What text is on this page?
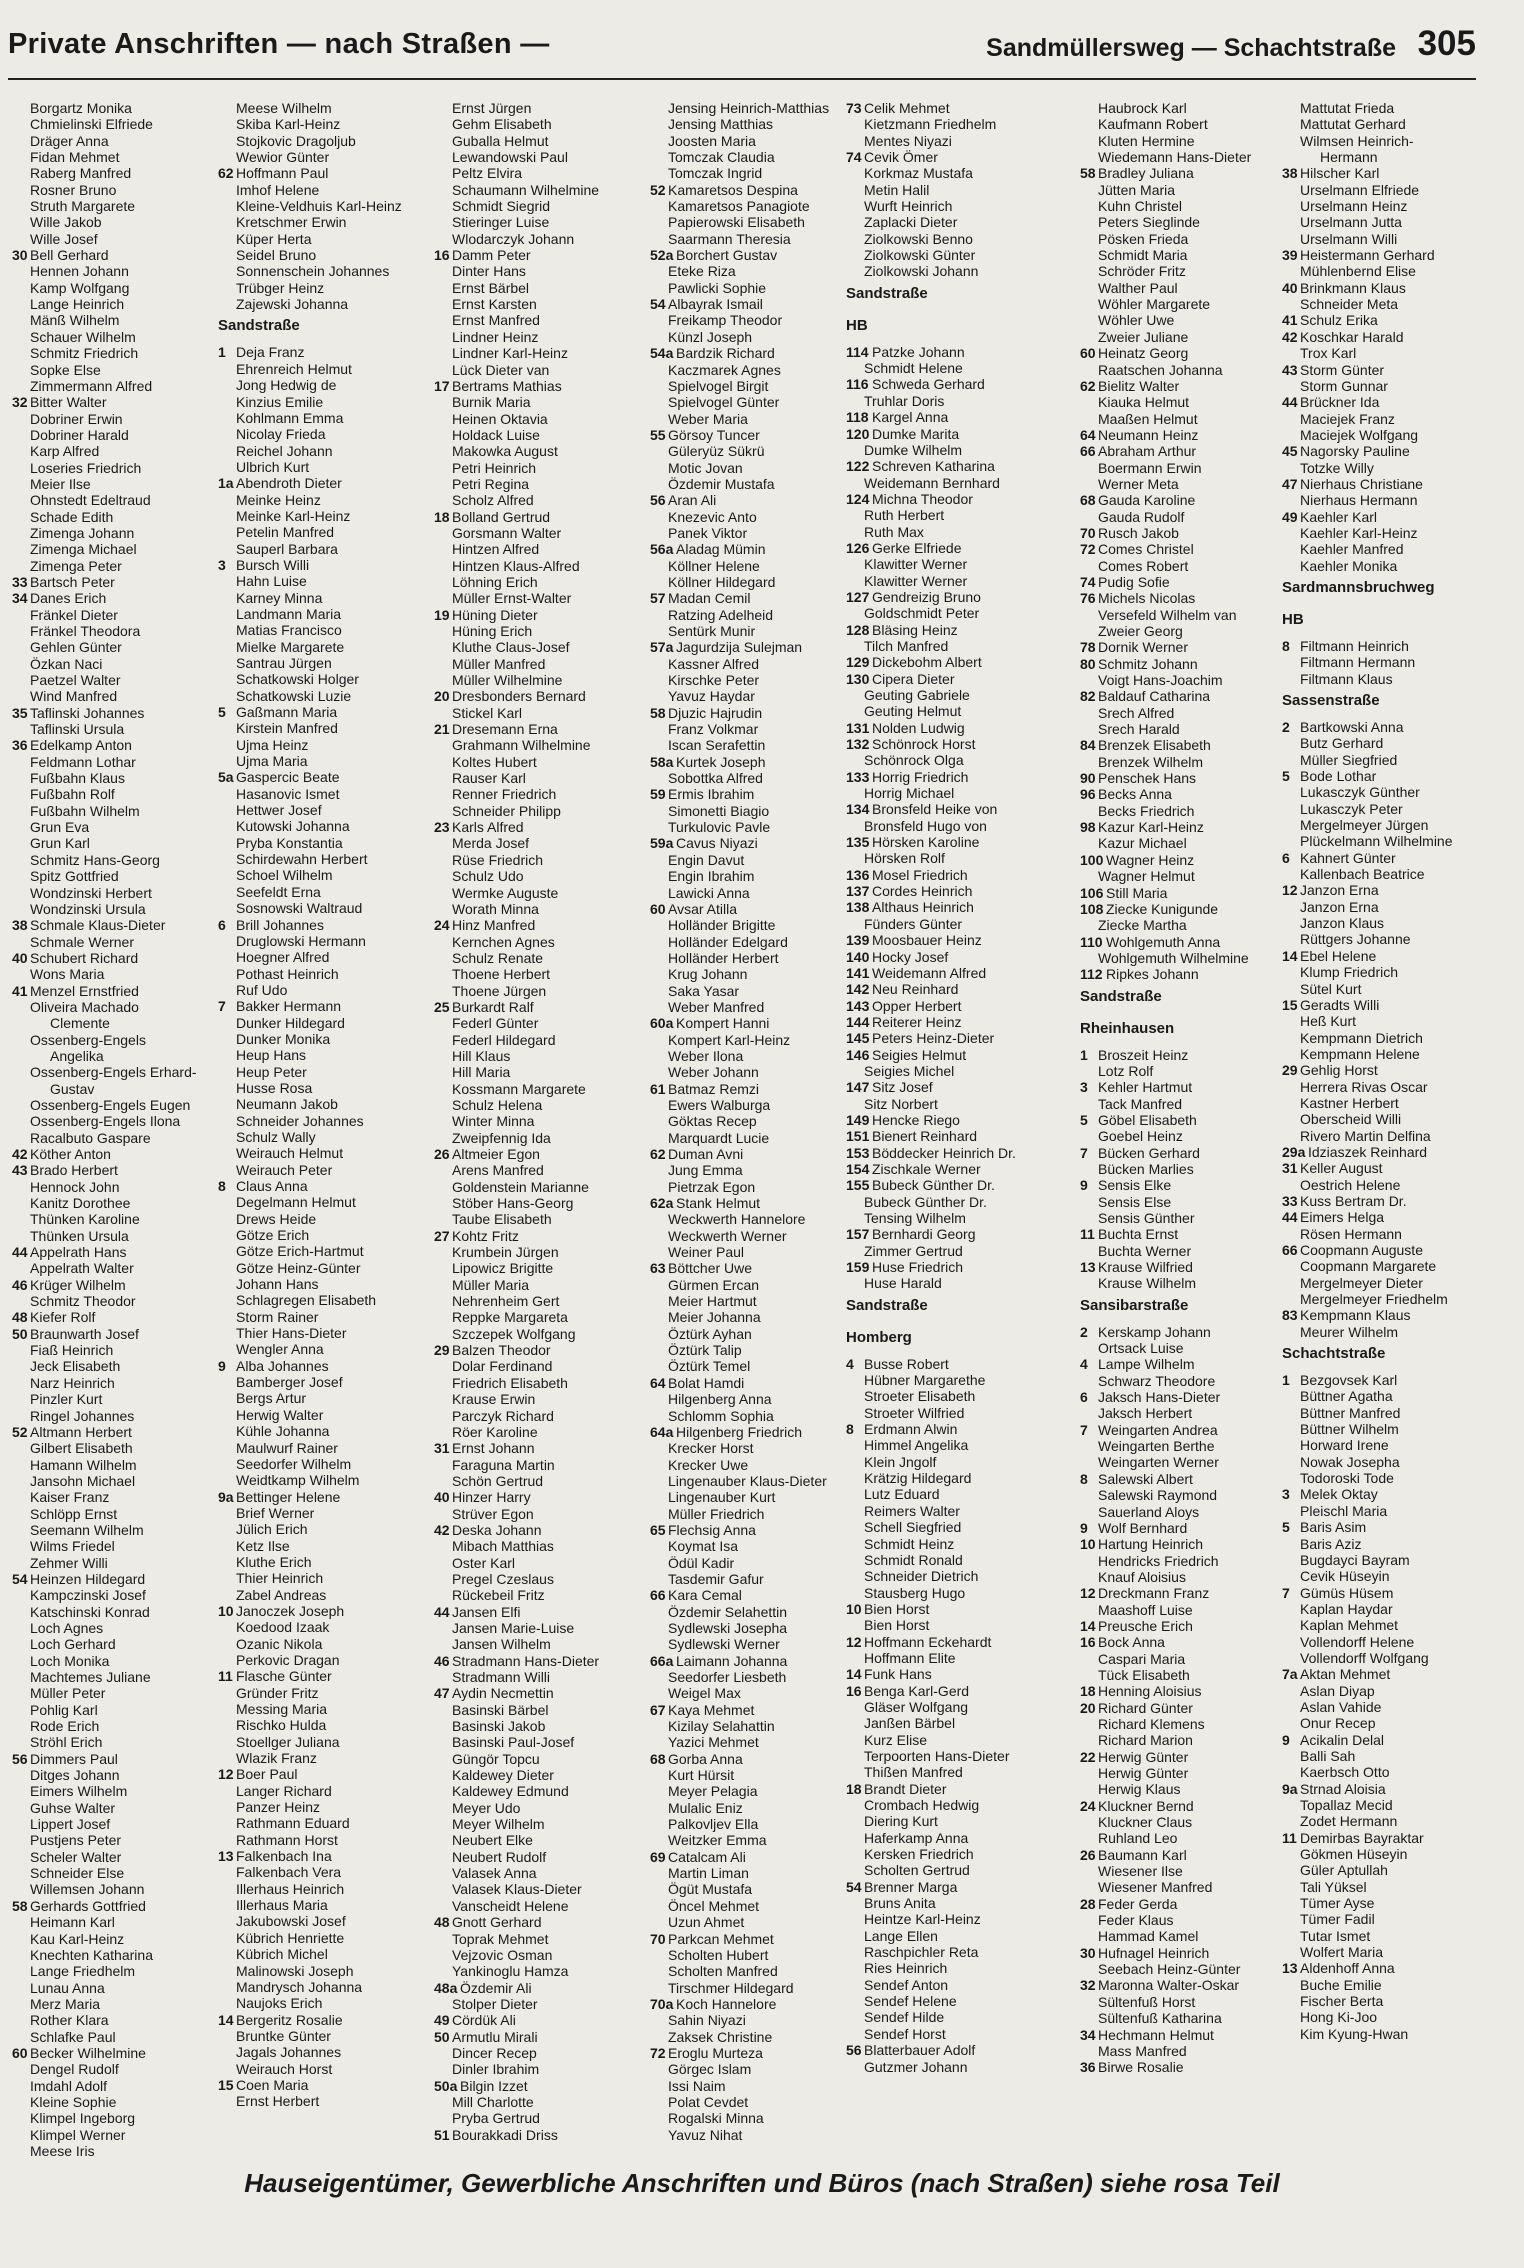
Private Anschriften — nach Straßen —	Sandmüllersweg — Schachtstraße 305
Borgartz Monika
Chmielinski Elfriede
Dräger Anna
Fidan Mehmet
Raberg Manfred
Rosner Bruno
Struth Margarete
Wille Jakob
Wille Josef
30 Bell Gerhard
Hennen Johann
Kamp Wolfgang
Lange Heinrich
Mänß Wilhelm
Schauer Wilhelm
Schmitz Friedrich
Sopke Else
Zimmermann Alfred
32 Bitter Walter
Dobriner Erwin
Dobriner Harald
Karp Alfred
Loseries Friedrich
Meier Ilse
Ohnstedt Edeltraud
Schade Edith
Zimenga Johann
Zimenga Michael
Zimenga Peter
33 Bartsch Peter
34 Danes Erich
Fränkel Dieter
Fränkel Theodora
Gehlen Günter
Özkan Naci
Paetzel Walter
Wind Manfred
35 Taflinski Johannes
Taflinski Ursula
36 Edelkamp Anton
Feldmann Lothar
Fußbahn Klaus
Fußbahn Rolf
Fußbahn Wilhelm
Grun Eva
Grun Karl
Schmitz Hans-Georg
Spitz Gottfried
Wondzinski Herbert
Wondzinski Ursula
38 Schmale Klaus-Dieter
Schmale Werner
40 Schubert Richard
Wons Maria
41 Menzel Ernstfried
Oliveira Machado
Clemente
Ossenberg-Engels
Angelika
Ossenberg-Engels Erhard-
Gustav
Ossenberg-Engels Eugen
Ossenberg-Engels Ilona
Racalbuto Gaspare
42 Köther Anton
43 Brado Herbert
Hennock John
Kanitz Dorothee
Thünken Karoline
Thünken Ursula
44 Appelrath Hans
Appelrath Walter
46 Krüger Wilhelm
Schmitz Theodor
48 Kiefer Rolf
50 Braunwarth Josef
Fiaß Heinrich
Jeck Elisabeth
Narz Heinrich
Pinzler Kurt
Ringel Johannes
52 Altmann Herbert
Gilbert Elisabeth
Hamann Wilhelm
Jansohn Michael
Kaiser Franz
Schlöpp Ernst
Seemann Wilhelm
Wilms Friedel
Zehmer Willi
54 Heinzen Hildegard
Kampczinski Josef
Katschinski Konrad
Loch Agnes
Loch Gerhard
Loch Monika
Machtemes Juliane
Müller Peter
Pohlig Karl
Rode Erich
Ströhl Erich
56 Dimmers Paul
Ditges Johann
Eimers Wilhelm
Guhse Walter
Lippert Josef
Pustjens Peter
Scheler Walter
Schneider Else
Willemsen Johann
58 Gerhards Gottfried
Heimann Karl
Kau Karl-Heinz
Knechten Katharina
Lange Friedhelm
Lunau Anna
Merz Maria
Rother Klara
Schlafke Paul
60 Becker Wilhelmine
Dengel Rudolf
Imdahl Adolf
Kleine Sophie
Klimpel Ingeborg
Klimpel Werner
Meese Iris
Meese Wilhelm
Skiba Karl-Heinz
Stojkovic Dragoljub
Wewior Günter
62 Hoffmann Paul
Imhof Helene
Kleine-Veldhuis Karl-Heinz
Kretschmer Erwin
Küper Herta
Seidel Bruno
Sonnenschein Johannes
Trübger Heinz
Zajewski Johanna
Sandstraße
1 Deja Franz
Ehrenreich Helmut
Jong Hedwig de
Kinzius Emilie
Kohlmann Emma
Nicolay Frieda
Reichel Johann
Ulbrich Kurt
1a Abendroth Dieter
Meinke Heinz
Meinke Karl-Heinz
Petelin Manfred
Sauperl Barbara
3 Bursch Willi
Hahn Luise
Karney Minna
Landmann Maria
Matias Francisco
Mielke Margarete
Santrau Jürgen
Schatkowski Holger
Schatkowski Luzie
5 Gaßmann Maria
Kirstein Manfred
Ujma Heinz
Ujma Maria
5a Gaspercic Beate
Hasanovic Ismet
Hettwer Josef
Kutowski Johanna
Pryba Konstantia
Schirdewahn Herbert
Schoel Wilhelm
Seefeldt Erna
Sosnowski Waltraud
6 Brill Johannes
Druglowski Hermann
Hoegner Alfred
Pothast Heinrich
Ruf Udo
7 Bakker Hermann
Dunker Hildegard
Dunker Monika
Heup Hans
Heup Peter
Husse Rosa
Neumann Jakob
Schneider Johannes
Schulz Wally
Weirauch Helmut
Weirauch Peter
8 Claus Anna
Degelmann Helmut
Drews Heide
Götze Erich
Götze Erich-Hartmut
Götze Heinz-Günter
Johann Hans
Schlagregen Elisabeth
Storm Rainer
Thier Hans-Dieter
Wengler Anna
9 Alba Johannes
Bamberger Josef
Bergs Artur
Herwig Walter
Kühle Johanna
Maulwurf Rainer
Seedorfer Wilhelm
Weidtkamp Wilhelm
9a Bettinger Helene
Brief Werner
Jülich Erich
Ketz Ilse
Kluthe Erich
Thier Heinrich
Zabel Andreas
10 Janoczek Joseph
Koedood Izaak
Ozanic Nikola
Perkovic Dragan
11 Flasche Günter
Gründer Fritz
Messing Maria
Rischko Hulda
Stoellger Juliana
Wlazik Franz
12 Boer Paul
Langer Richard
Panzer Heinz
Rathmann Eduard
Rathmann Horst
13 Falkenbach Ina
Falkenbach Vera
Illerhaus Heinrich
Illerhaus Maria
Jakubowski Josef
Kübrich Henriette
Kübrich Michel
Malinowski Joseph
Mandrysch Johanna
Naujoks Erich
14 Bergeritz Rosalie
Bruntke Günter
Jagals Johannes
Weirauch Horst
15 Coen Maria
Ernst Herbert
Ernst Jürgen
Gehm Elisabeth
Guballa Helmut
Lewandowski Paul
Peltz Elvira
Schaumann Wilhelmine
Schmidt Siegrid
Stieringer Luise
Wlodarczyk Johann
16 Damm Peter
Dinter Hans
Ernst Bärbel
Ernst Karsten
Ernst Manfred
Lindner Heinz
Lindner Karl-Heinz
Lück Dieter van
17 Bertrams Mathias
Burnik Maria
Heinen Oktavia
Holdack Luise
Makowka August
Petri Heinrich
Petri Regina
Scholz Alfred
18 Bolland Gertrud
Gorsmann Walter
Hintzen Alfred
Hintzen Klaus-Alfred
Löhning Erich
Müller Ernst-Walter
19 Hüning Dieter
Hüning Erich
Kluthe Claus-Josef
Müller Manfred
Müller Wilhelmine
20 Dresbonders Bernard
Stickel Karl
21 Dresemann Erna
Grahmann Wilhelmine
Koltes Hubert
Rauser Karl
Renner Friedrich
Schneider Philipp
23 Karls Alfred
Merda Josef
Rüse Friedrich
Schulz Udo
Wermke Auguste
Worath Minna
24 Hinz Manfred
Kernchen Agnes
Schulz Renate
Thoene Herbert
Thoene Jürgen
25 Burkardt Ralf
Federl Günter
Federl Hildegard
Hill Klaus
Hill Maria
Kossmann Margarete
Schulz Helena
Winter Minna
Zweipfennig Ida
26 Altmeier Egon
Arens Manfred
Goldenstein Marianne
Stöber Hans-Georg
Taube Elisabeth
27 Kohtz Fritz
Krumbein Jürgen
Lipowicz Brigitte
Müller Maria
Nehrenheim Gert
Reppke Margareta
Szczepek Wolfgang
29 Balzen Theodor
Dolar Ferdinand
Friedrich Elisabeth
Krause Erwin
Parczyk Richard
Röer Karoline
31 Ernst Johann
Faraguna Martin
Schön Gertrud
40 Hinzer Harry
Strüver Egon
42 Deska Johann
Mibach Matthias
Oster Karl
Pregel Czeslaus
Rückebeil Fritz
44 Jansen Elfi
Jansen Marie-Luise
Jansen Wilhelm
46 Stradmann Hans-Dieter
Stradmann Willi
47 Aydin Necmettin
Basinski Bärbel
Basinski Jakob
Basinski Paul-Josef
Güngör Topcu
Kaldewey Dieter
Kaldewey Edmund
Meyer Udo
Meyer Wilhelm
Neubert Elke
Neubert Rudolf
Valasek Anna
Valasek Klaus-Dieter
Vanscheidt Helene
48 Gnott Gerhard
Toprak Mehmet
Vejzovic Osman
Yankinoglu Hamza
48a Özdemir Ali
Stolper Dieter
49 Cördük Ali
50 Armutlu Mirali
Dincer Recep
Dinler Ibrahim
50a Bilgin Izzet
Mill Charlotte
Pryba Gertrud
51 Bourakkadi Driss
Jensing Heinrich-Matthias
Jensing Matthias
Joosten Maria
Tomczak Claudia
Tomczak Ingrid
52 Kamaretsos Despina
Kamaretsos Panagiote
Papierowski Elisabeth
Saarmann Theresia
52a Borchert Gustav
Eteke Riza
Pawlicki Sophie
54 Albayrak Ismail
Freikamp Theodor
Künzl Joseph
54a Bardzik Richard
Kaczmarek Agnes
Spielvogel Birgit
Spielvogel Günter
Weber Maria
55 Görsoy Tuncer
Güleryüz Sükrü
Motic Jovan
Özdemir Mustafa
56 Aran Ali
Knezevic Anto
Panek Viktor
56a Aladag Mümin
Köllner Helene
Köllner Hildegard
57 Madan Cemil
Ratzing Adelheid
Sentürk Munir
57a Jagurdzija Sulejman
Kassner Alfred
Kirschke Peter
Yavuz Haydar
58 Djuzic Hajrudin
Franz Volkmar
Iscan Serafettin
58a Kurtek Joseph
Sobottka Alfred
59 Ermis Ibrahim
Simonetti Biagio
Turkulovic Pavle
59a Cavus Niyazi
Engin Davut
Engin Ibrahim
Lawicki Anna
60 Avsar Atilla
Holländer Brigitte
Holländer Edelgard
Holländer Herbert
Krug Johann
Saka Yasar
Weber Manfred
60a Kompert Hanni
Kompert Karl-Heinz
Weber Ilona
Weber Johann
61 Batmaz Remzi
Ewers Walburga
Göktas Recep
Marquardt Lucie
62 Duman Avni
Jung Emma
Pietrzak Egon
62a Stank Helmut
Weckwerth Hannelore
Weckwerth Werner
Weiner Paul
63 Böttcher Uwe
Gürmen Ercan
Meier Hartmut
Meier Johanna
Öztürk Ayhan
Öztürk Talip
Öztürk Temel
64 Bolat Hamdi
Hilgenberg Anna
Schlomm Sophia
64a Hilgenberg Friedrich
Krecker Horst
Krecker Uwe
Lingenauber Klaus-Dieter
Lingenauber Kurt
Müller Friedrich
65 Flechsig Anna
Koymat Isa
Ödül Kadir
Tasdemir Gafur
66 Kara Cemal
Özdemir Selahettin
Sydlewski Josepha
Sydlewski Werner
66a Laimann Johanna
Seedorfer Liesbeth
Weigel Max
67 Kaya Mehmet
Kizilay Selahattin
Yazici Mehmet
68 Gorba Anna
Kurt Hürsit
Meyer Pelagia
Mulalic Eniz
Palkovljev Ella
Weitzker Emma
69 Catalcam Ali
Martin Liman
Ögüt Mustafa
Öncel Mehmet
Uzun Ahmet
70 Parkcan Mehmet
Scholten Hubert
Scholten Manfred
Tirschmer Hildegard
70a Koch Hannelore
Sahin Niyazi
Zaksek Christine
72 Eroglu Murteza
Görgec Islam
Issi Naim
Polat Cevdet
Rogalski Minna
Yavuz Nihat
73 Celik Mehmet
Kietzmann Friedhelm
Mentes Niyazi
74 Cevik Ömer
Korkmaz Mustafa
Metin Halil
Wurft Heinrich
Zaplacki Dieter
Ziolkowski Benno
Ziolkowski Günter
Ziolkowski Johann
Sandstraße
HB
114 Patzke Johann
Schmidt Helene
116 Schweda Gerhard
Truhlar Doris
118 Kargel Anna
120 Dumke Marita
Dumke Wilhelm
122 Schreven Katharina
Weidemann Bernhard
124 Michna Theodor
Ruth Herbert
Ruth Max
126 Gerke Elfriede
Klawitter Werner
Klawitter Werner
127 Gendreizig Bruno
Goldschmidt Peter
128 Bläsing Heinz
Tilch Manfred
129 Dickebohm Albert
130 Cipera Dieter
Geuting Gabriele
Geuting Helmut
131 Nolden Ludwig
132 Schönrock Horst
Schönrock Olga
133 Horrig Friedrich
Horrig Michael
134 Bronsfeld Heike von
Bronsfeld Hugo von
135 Hörsken Karoline
Hörsken Rolf
136 Mosel Friedrich
137 Cordes Heinrich
138 Althaus Heinrich
Fünders Günter
139 Moosbauer Heinz
140 Hocky Josef
141 Weidemann Alfred
142 Neu Reinhard
143 Opper Herbert
144 Reiterer Heinz
145 Peters Heinz-Dieter
146 Seigies Helmut
Seigies Michel
147 Sitz Josef
Sitz Norbert
149 Hencke Riego
151 Bienert Reinhard
153 Böddecker Heinrich Dr.
154 Zischkale Werner
155 Bubeck Günther Dr.
Bubeck Günther Dr.
Tensing Wilhelm
157 Bernhardi Georg
Zimmer Gertrud
159 Huse Friedrich
Huse Harald
Sandstraße
Homberg
4 Busse Robert
Hübner Margarethe
Stroeter Elisabeth
Stroeter Wilfried
8 Erdmann Alwin
Himmel Angelika
Klein Jngolf
Krätzig Hildegard
Lutz Eduard
Reimers Walter
Schell Siegfried
Schmidt Heinz
Schmidt Ronald
Schneider Dietrich
Stausberg Hugo
10 Bien Horst
Bien Horst
12 Hoffmann Eckehardt
Hoffmann Elite
14 Funk Hans
16 Benga Karl-Gerd
Gläser Wolfgang
Janßen Bärbel
Kurz Elise
Terpoorten Hans-Dieter
Thißen Manfred
18 Brandt Dieter
Crombach Hedwig
Diering Kurt
Haferkamp Anna
Kersken Friedrich
Scholten Gertrud
54 Brenner Marga
Bruns Anita
Heintze Karl-Heinz
Lange Ellen
Raschpichler Reta
Ries Heinrich
Sendef Anton
Sendef Helene
Sendef Hilde
Sendef Horst
56 Blatterbauer Adolf
Gutzmer Johann
Haubrock Karl
Kaufmann Robert
Kluten Hermine
Wiedemann Hans-Dieter
58 Bradley Juliana
Jütten Maria
Kuhn Christel
Peters Sieglinde
Pösken Frieda
Schmidt Maria
Schröder Fritz
Walther Paul
Wöhler Margarete
Wöhler Uwe
Zweier Juliane
60 Heinatz Georg
Raatschen Johanna
62 Bielitz Walter
Kiauka Helmut
Maaßen Helmut
64 Neumann Heinz
66 Abraham Arthur
Boermann Erwin
Werner Meta
68 Gauda Karoline
Gauda Rudolf
70 Rusch Jakob
72 Comes Christel
Comes Robert
74 Pudig Sofie
76 Michels Nicolas
Versefeld Wilhelm van
Zweier Georg
78 Dornik Werner
80 Schmitz Johann
Voigt Hans-Joachim
82 Baldauf Catharina
Srech Alfred
Srech Harald
84 Brenzek Elisabeth
Brenzek Wilhelm
90 Penschek Hans
96 Becks Anna
Becks Friedrich
98 Kazur Karl-Heinz
Kazur Michael
100 Wagner Heinz
Wagner Helmut
106 Still Maria
108 Ziecke Kunigunde
Ziecke Martha
110 Wohlgemuth Anna
Wohlgemuth Wilhelmine
112 Ripkes Johann
Sandstraße
Rheinhausen
1 Broszeit Heinz
Lotz Rolf
3 Kehler Hartmut
Tack Manfred
5 Göbel Elisabeth
Goebel Heinz
7 Bücken Gerhard
Bücken Marlies
9 Sensis Elke
Sensis Else
Sensis Günther
11 Buchta Ernst
Buchta Werner
13 Krause Wilfried
Krause Wilhelm
Sansibarstraße
2 Kerskamp Johann
Ortsack Luise
4 Lampe Wilhelm
Schwarz Theodore
6 Jaksch Hans-Dieter
Jaksch Herbert
7 Weingarten Andrea
Weingarten Berthe
Weingarten Werner
8 Salewski Albert
Salewski Raymond
Sauerland Aloys
9 Wolf Bernhard
10 Hartung Heinrich
Hendricks Friedrich
Knauf Aloisius
12 Dreckmann Franz
Maashoff Luise
14 Preusche Erich
16 Bock Anna
Caspari Maria
Tück Elisabeth
18 Henning Aloisius
20 Richard Günter
Richard Klemens
Richard Marion
22 Herwig Günter
Herwig Günter
Herwig Klaus
24 Kluckner Bernd
Kluckner Claus
Ruhland Leo
26 Baumann Karl
Wiesener Ilse
Wiesener Manfred
28 Feder Gerda
Feder Klaus
Hammad Kamel
30 Hufnagel Heinrich
Seebach Heinz-Günter
32 Maronna Walter-Oskar
Sültenfuß Horst
Sültenfuß Katharina
34 Hechmann Helmut
Mass Manfred
36 Birwe Rosalie
Mattutat Frieda
Mattutat Gerhard
Wilmsen Heinrich-
Hermann
38 Hilscher Karl
Urselmann Elfriede
Urselmann Heinz
Urselmann Jutta
Urselmann Willi
39 Heistermann Gerhard
Mühlenbernd Elise
40 Brinkmann Klaus
Schneider Meta
41 Schulz Erika
42 Koschkar Harald
Trox Karl
43 Storm Günter
Storm Gunnar
44 Brückner Ida
Maciejek Franz
Maciejek Wolfgang
45 Nagorsky Pauline
Totzke Willy
47 Nierhaus Christiane
Nierhaus Hermann
49 Kaehler Karl
Kaehler Karl-Heinz
Kaehler Manfred
Kaehler Monika
Sardmannsbruchweg
HB
8 Filtmann Heinrich
Filtmann Hermann
Filtmann Klaus
Sassenstraße
2 Bartkowski Anna
Butz Gerhard
Müller Siegfried
5 Bode Lothar
Lukasczyk Günther
Lukasczyk Peter
Mergelmeyer Jürgen
Plückelmann Wilhelmine
6 Kahnert Günter
Kallenbach Beatrice
12 Janzon Erna
Janzon Erna
Janzon Klaus
Rüttgers Johanne
14 Ebel Helene
Klump Friedrich
Sütel Kurt
15 Geradts Willi
Heß Kurt
Kempmann Dietrich
Kempmann Helene
29 Gehlig Horst
Herrera Rivas Oscar
Kastner Herbert
Oberscheid Willi
Rivero Martin Delfina
29a Idziaszek Reinhard
31 Keller August
Oestrich Helene
33 Kuss Bertram Dr.
44 Eimers Helga
Rösen Hermann
66 Coopmann Auguste
Coopmann Margarete
Mergelmeyer Dieter
Mergelmeyer Friedhelm
83 Kempmann Klaus
Meurer Wilhelm
Schachtstraße
1 Bezgovsek Karl
Büttner Agatha
Büttner Manfred
Büttner Wilhelm
Horward Irene
Nowak Josepha
Todoroski Tode
3 Melek Oktay
Pleischl Maria
5 Baris Asim
Baris Aziz
Bugdayci Bayram
Cevik Hüseyin
7 Gümüs Hüsem
Kaplan Haydar
Kaplan Mehmet
Vollendorff Helene
Vollendorff Wolfgang
7a Aktan Mehmet
Aslan Diyap
Aslan Vahide
Onur Recep
9 Acikalin Delal
Balli Sah
Kaerbsch Otto
9a Strnad Aloisia
Topallaz Mecid
Zodet Hermann
11 Demirbas Bayraktar
Gökmen Hüseyin
Güler Aptullah
Tali Yüksel
Tümer Ayse
Tümer Fadil
Tutar Ismet
Wolfert Maria
13 Aldenhoff Anna
Buche Emilie
Fischer Berta
Hong Ki-Joo
Kim Kyung-Hwan
Hauseigentümer, Gewerbliche Anschriften und Büros (nach Straßen) siehe rosa Teil
